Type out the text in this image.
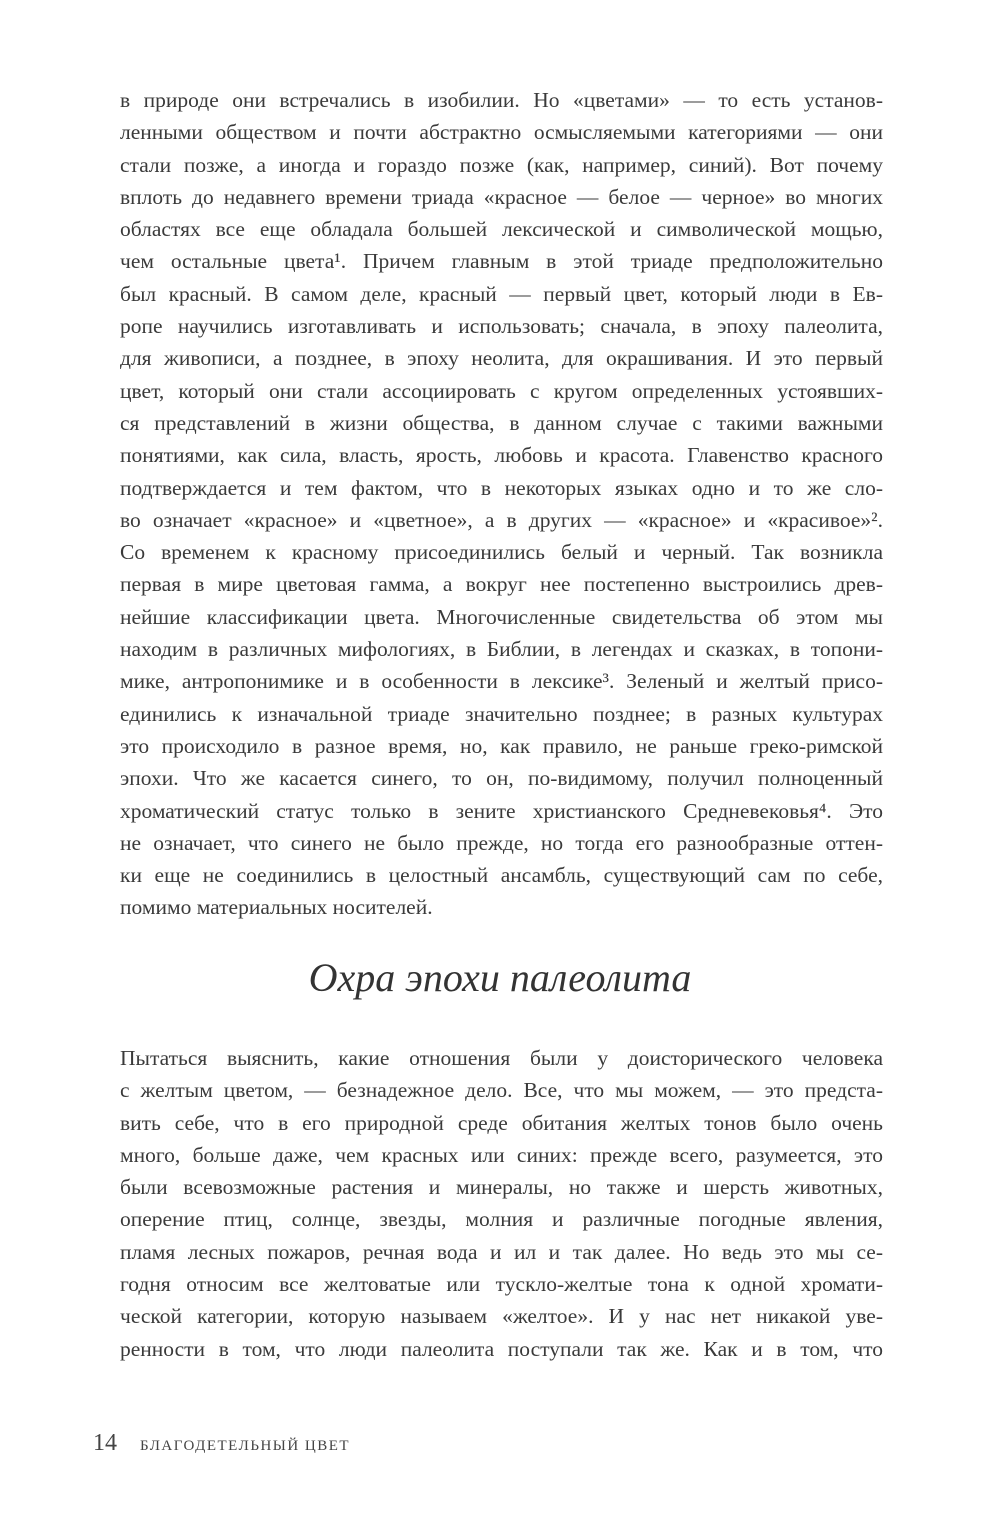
в природе они встречались в изобилии. Но «цветами» — то есть установ-
ленными обществом и почти абстрактно осмысляемыми категориями — они
стали позже, а иногда и гораздо позже (как, например, синий). Вот почему
вплоть до недавнего времени триада «красное — белое — черное» во многих
областях все еще обладала большей лексической и символической мощью,
чем остальные цвета¹. Причем главным в этой триаде предположительно
был красный. В самом деле, красный — первый цвет, который люди в Ев-
ропе научились изготавливать и использовать; сначала, в эпоху палеолита,
для живописи, а позднее, в эпоху неолита, для окрашивания. И это первый
цвет, который они стали ассоциировать с кругом определенных устоявших-
ся представлений в жизни общества, в данном случае с такими важными
понятиями, как сила, власть, ярость, любовь и красота. Главенство красного
подтверждается и тем фактом, что в некоторых языках одно и то же сло-
во означает «красное» и «цветное», а в других — «красное» и «красивое»².
Со временем к красному присоединились белый и черный. Так возникла
первая в мире цветовая гамма, а вокруг нее постепенно выстроились древ-
нейшие классификации цвета. Многочисленные свидетельства об этом мы
находим в различных мифологиях, в Библии, в легендах и сказках, в топони-
мике, антропонимике и в особенности в лексике³. Зеленый и желтый присо-
единились к изначальной триаде значительно позднее; в разных культурах
это происходило в разное время, но, как правило, не раньше греко-римской
эпохи. Что же касается синего, то он, по-видимому, получил полноценный
хроматический статус только в зените христианского Средневековья⁴. Это
не означает, что синего не было прежде, но тогда его разнообразные оттен-
ки еще не соединились в целостный ансамбль, существующий сам по себе,
помимо материальных носителей.
Охра эпохи палеолита
Пытаться выяснить, какие отношения были у доисторического человека
с желтым цветом, — безнадежное дело. Все, что мы можем, — это предста-
вить себе, что в его природной среде обитания желтых тонов было очень
много, больше даже, чем красных или синих: прежде всего, разумеется, это
были всевозможные растения и минералы, но также и шерсть животных,
оперение птиц, солнце, звезды, молния и различные погодные явления,
пламя лесных пожаров, речная вода и ил и так далее. Но ведь это мы се-
годня относим все желтоватые или тускло-желтые тона к одной хромати-
ческой категории, которую называем «желтое». И у нас нет никакой уве-
ренности в том, что люди палеолита поступали так же. Как и в том, что
14 БЛАГОДЕТЕЛЬНЫЙ ЦВЕТ
